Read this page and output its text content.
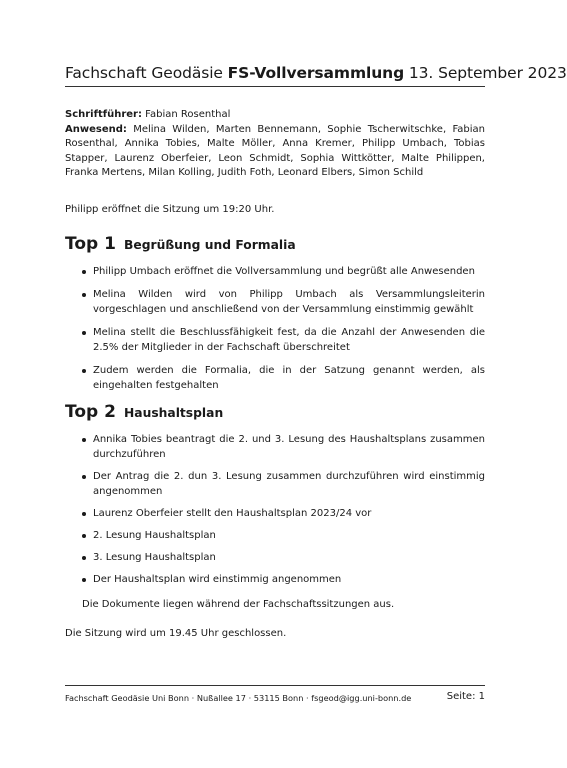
Fachschaft Geodäsie FS-Vollversammlung 13. September 2023
Schriftführer: Fabian Rosenthal
Anwesend: Melina Wilden, Marten Bennemann, Sophie Tscherwitschke, Fabian Rosenthal, Annika Tobies, Malte Möller, Anna Kremer, Philipp Umbach, Tobias Stapper, Laurenz Oberfeier, Leon Schmidt, Sophia Wittkötter, Malte Philippen, Franka Mertens, Milan Kolling, Judith Foth, Leonard Elbers, Simon Schild
Philipp eröffnet die Sitzung um 19:20 Uhr.
Top 1 Begrüßung und Formalia
Philipp Umbach eröffnet die Vollversammlung und begrüßt alle Anwesenden
Melina Wilden wird von Philipp Umbach als Versammlungsleiterin vorgeschlagen und anschließend von der Versammlung einstimmig gewählt
Melina stellt die Beschlussfähigkeit fest, da die Anzahl der Anwesenden die 2.5% der Mitglieder in der Fachschaft überschreitet
Zudem werden die Formalia, die in der Satzung genannt werden, als eingehalten festgehalten
Top 2 Haushaltsplan
Annika Tobies beantragt die 2. und 3. Lesung des Haushaltsplans zusammen durchzuführen
Der Antrag die 2. dun 3. Lesung zusammen durchzuführen wird einstimmig angenommen
Laurenz Oberfeier stellt den Haushaltsplan 2023/24 vor
2. Lesung Haushaltsplan
3. Lesung Haushaltsplan
Der Haushaltsplan wird einstimmig angenommen
Die Dokumente liegen während der Fachschaftssitzungen aus.
Die Sitzung wird um 19.45 Uhr geschlossen.
Fachschaft Geodäsie Uni Bonn · Nußallee 17 · 53115 Bonn · fsgeod@igg.uni-bonn.de	Seite: 1
